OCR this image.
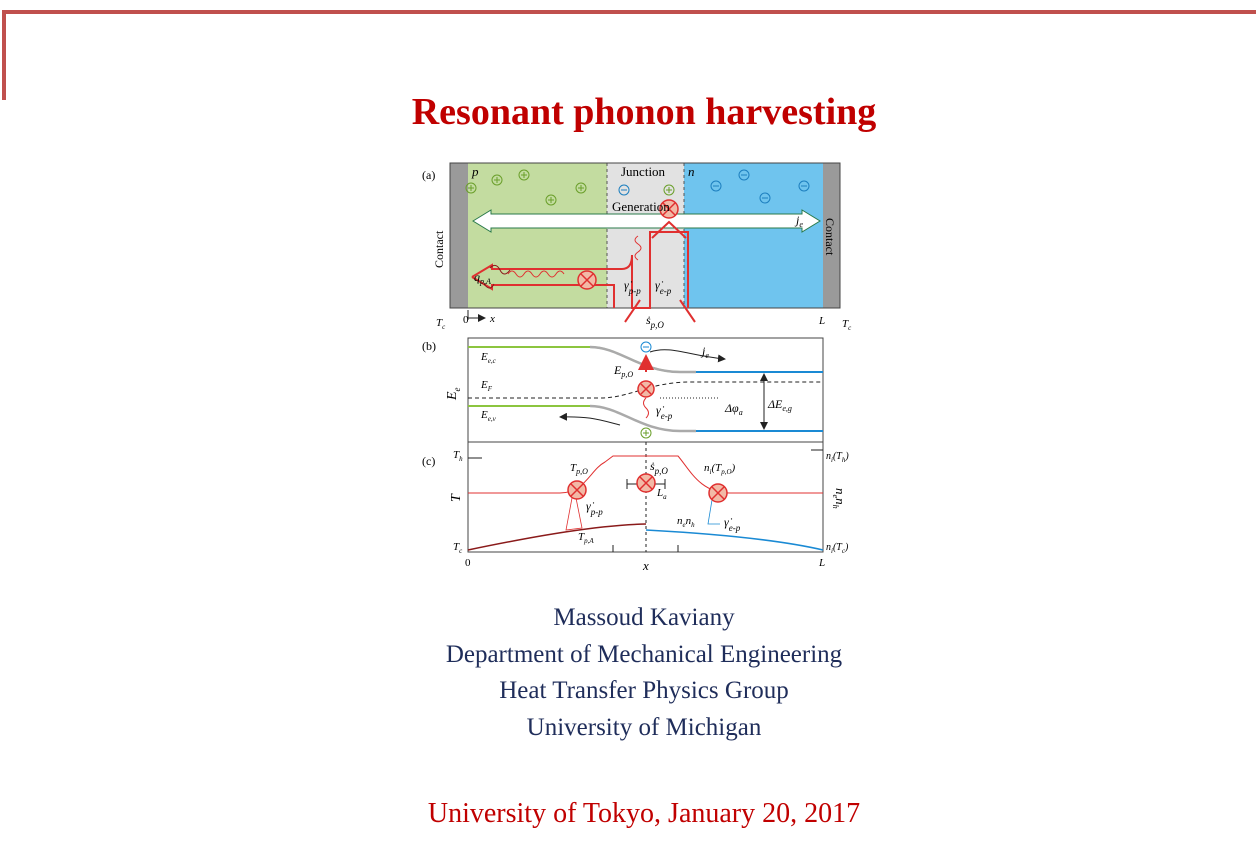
Resonant phonon harvesting
(a)	p	n
Junction
Generation
Contact	Contact
$j_e$
$q_{p,A}$	$\gammȧ_{p-p}$ $\gammȧ_{e-p}$
ṡ$_{p,O}$
$T_c$
0 x	L $T_c$
(b)
$E_e$
$E_{e,c}$
$E_F$
$E_{e,v}$
$j_e$
$E_{p,O}$
$\gammȧ_{e-p}$
$\Delta\varphi_a$
$\Delta E_{e,g}$
(c) $T_h$
T
$T_c$
0	x	L
$T_{p,O}$	ṡ$_{p,O}$
$L_a$
$n_i(T_{p,O})$
$\gammȧ_{p-p}$
$T_{p,A}$
$n_en_h$ $\gammȧ_{e-p}$
$n_i(T_h)$
$n_i(T_c)$
$n_en_h$
Massoud Kaviany
Department of Mechanical Engineering
Heat Transfer Physics Group
University of Michigan
University of Tokyo, January 20, 2017
